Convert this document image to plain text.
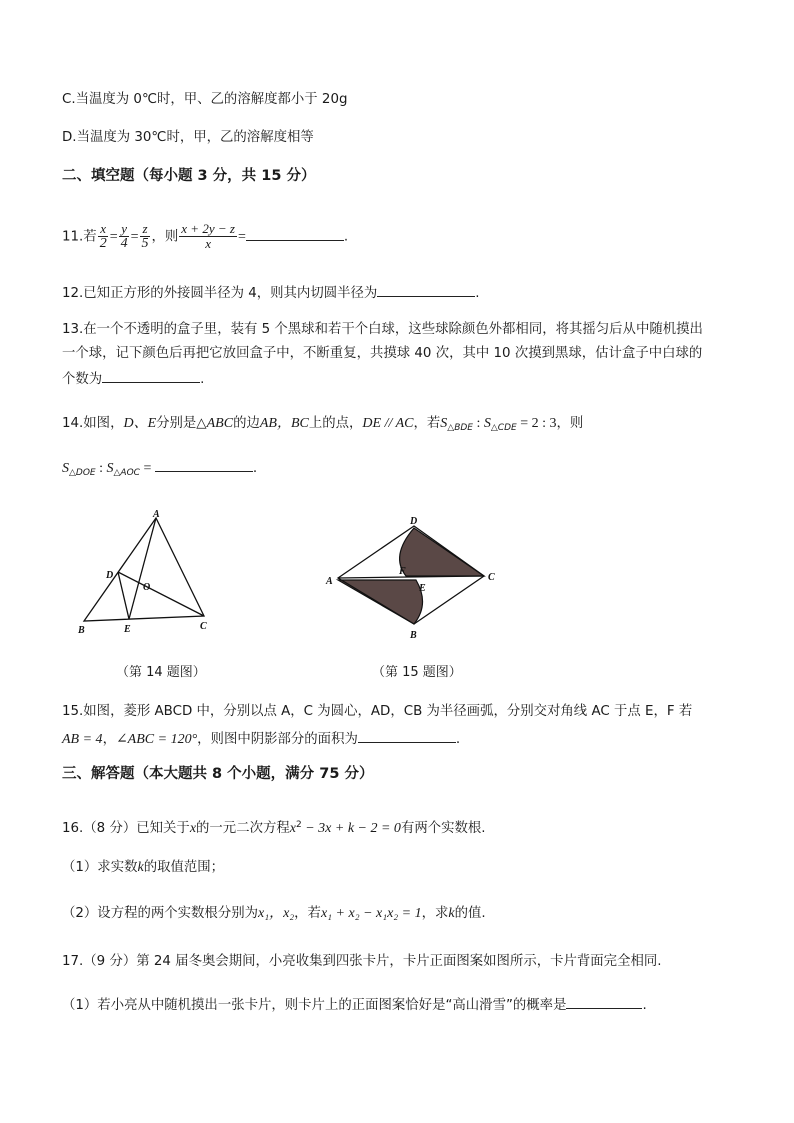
C.当温度为 0℃时，甲、乙的溶解度都小于 20g
D.当温度为 30℃时，甲，乙的溶解度相等
二、填空题（每小题 3 分，共 15 分）
11.若 $\frac{x}{2} = \frac{y}{4} = \frac{z}{5}$ ，则 $\frac{x + 2y - z}{x}$ =	.
12.已知正方形的外接圆半径为 4，则其内切圆半径为	.
13.在一个不透明的盒子里，装有 5 个黑球和若干个白球，这些球除颜色外都相同，将其摇匀后从中随机摸出
一个球，记下颜色后再把它放回盒子中，不断重复，共摸球 40 次，其中 10 次摸到黑球，估计盒子中白球的
个数为	.
14.如图，D、E分别是△ABC的边AB，BC上的点，DE // AC，若$S_{\triangle BDE}$ : $S_{\triangle CDE} = 2$ : 3，则
$S_{\triangle DOE}$ : $S_{\triangle AOC}$ =	.
A
B	C
D
E
O
（第 14 题图）
A
B
C
D
E
F
（第 15 题图）
15.如图，菱形 ABCD 中，分别以点 A，C 为圆心，AD，CB 为半径画弧，分别交对角线 AC 于点 E，F 若
AB = 4，∠ABC = 120°，则图中阴影部分的面积为	.
三、解答题（本大题共 8 个小题，满分 75 分）
16.（8 分）已知关于x的一元二次方程$x^2 - 3x + k - 2 = 0$有两个实数根.
（1）求实数k的取值范围；
（2）设方程的两个实数根分别为x₁，x₂，若x₁ + x₂ − x₁x₂ = 1，求k的值.
17.（9 分）第 24 届冬奥会期间，小亮收集到四张卡片，卡片正面图案如图所示，卡片背面完全相同.
（1）若小亮从中随机摸出一张卡片，则卡片上的正面图案恰好是“高山滑雪”的概率是	.
